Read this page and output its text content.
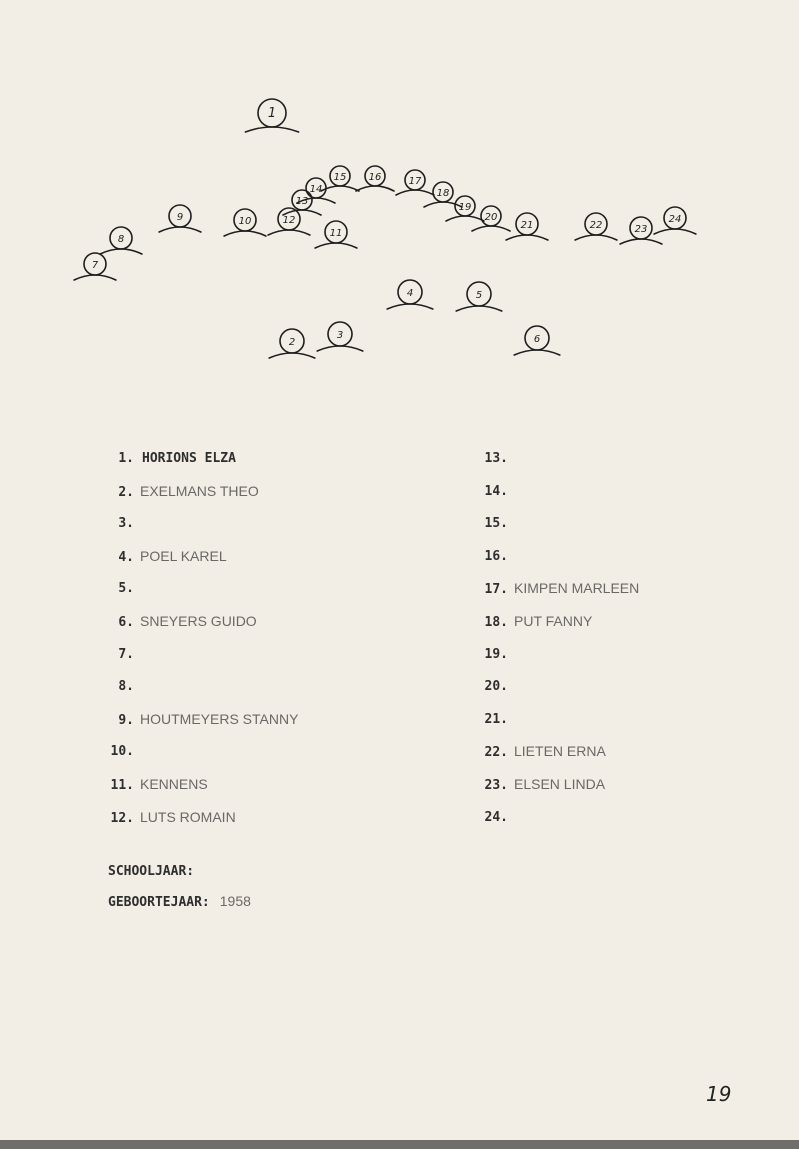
1
2
3
4	5
6
7
8
9	10
11
12
13
14
15 16	17
18
19
20
21	22	23
24
1. HORIONS ELZA
2. EXELMANS THEO
3.
4. POEL KAREL
5.
6. SNEYERS GUIDO
7.
8.
9. HOUTMEYERS STANNY
10.
11. KENNENS
12. LUTS ROMAIN
13.
14.
15.
16.
17. KIMPEN MARLEEN
18. PUT FANNY
19.
20.
21.
22. LIETEN ERNA
23. ELSEN LINDA
24.
SCHOOLJAAR:
GEBOORTEJAAR: 1958
19
